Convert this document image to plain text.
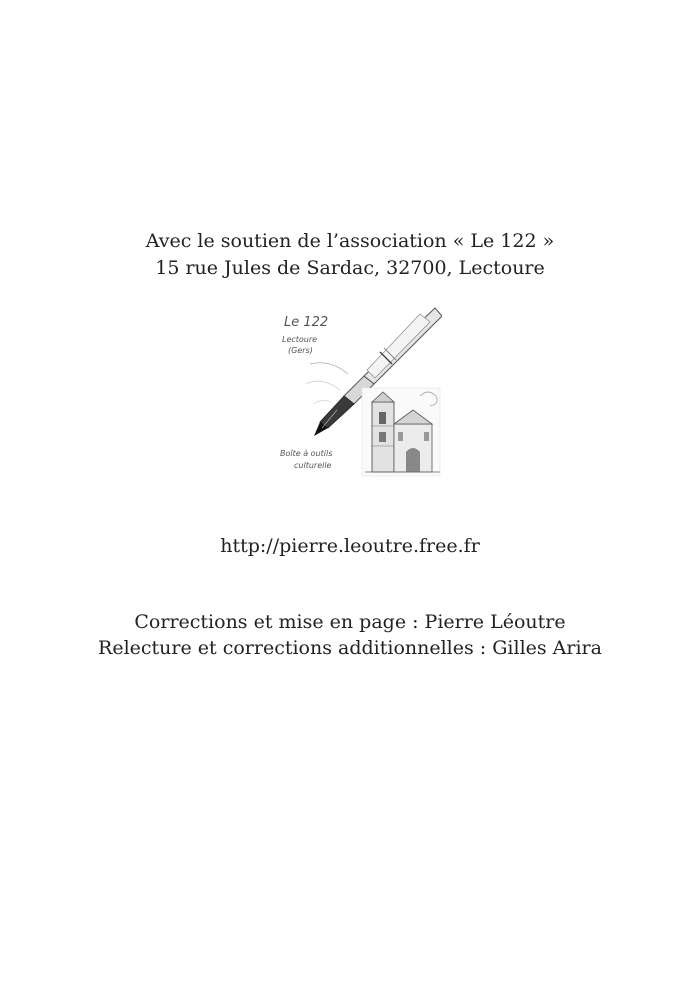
Avec le soutien de l’association « Le 122 »
15 rue Jules de Sardac, 32700, Lectoure
Le 122
Lectoure
(Gers)
Boîte à outils
culturelle
http://pierre.leoutre.free.fr
Corrections et mise en page : Pierre Léoutre
Relecture et corrections additionnelles : Gilles Arira
